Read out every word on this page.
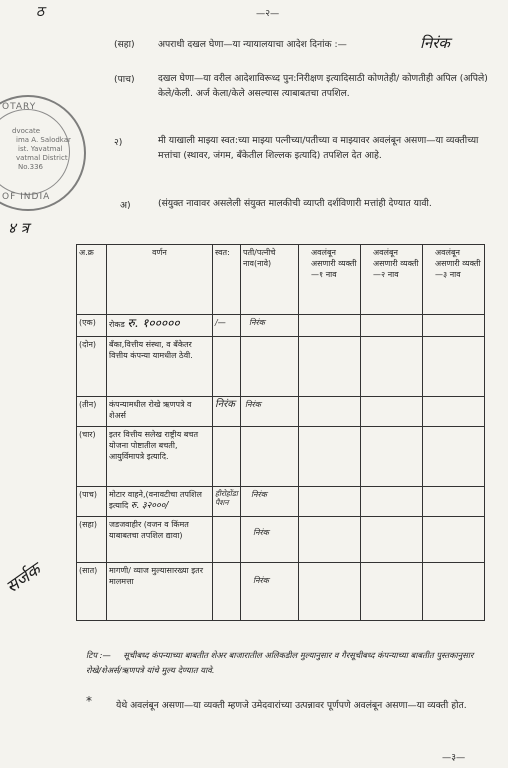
—२—
ठ
OTARY
dvocate
ima A. Salodkar
ist. Yavatmal
vatmal District
No.336
OF INDIA
४ त्र
(सहा)	अपराधी दखल घेणा—या न्यायालयाचा आदेश दिनांक :—	निरंक
(पाच)	दखल घेणा—या वरील आदेशाविरूध्द पुन:निरीक्षण इत्यादिसाठी कोणतेही/ कोणतीही अपिल (अपिले) केले/केली. अर्ज केला/केले असल्यास त्याबाबतचा तपशिल.
२)	मी याखाली माझ्या स्वत:च्या माझ्या पत्नीच्या/पतीच्या व माझ्यावर अवलंबून असणा—या व्यक्तीच्या मत्तांचा (स्थावर, जंगम, बँकेतील शिल्लक इत्यादि) तपशिल देत आहे.
अ)	(संयुक्त नावावर असलेली संयुक्त मालकीची व्याप्ती दर्शविणारी मत्तांही देण्यात यावी.
अ.क्र	वर्णन	स्वत:	पती/पत्नीचे नाव(नावे)	अवलंबून असणारी व्यक्ती—१ नाव	अवलंबून असणारी व्यक्ती—२ नाव	अवलंबून असणारी व्यक्ती—३ नाव
(एक)	रोकड रु. १०००००	/—	निरंक			
(दोन)	बँका,वित्तीय संस्था, व बँकेतर वित्तीय कंपन्या यामधील ठेवी.					
(तीन)	कंपन्यामधील रोखे ऋणपत्रे व शेअर्स	निरंक	निरंक			
(चार)	इतर वित्तीय सलेख राष्ट्रीय बचत योजना पोष्टातील बचती, आयुर्विमापत्रे इत्यादि.					
(पाच)	मोटार वाहने,(वनावटीचा तपशिल इत्यादि रु. ३२०००/	हीरोहोंडा पैशन	निरंक			
(सहा)	जडजवाहीर (वजन व किंमत याबाबतचा तपशिल द्यावा)		निरंक			
(सात)	मागणी/ व्याज मुल्यासारख्या इतर मालमत्ता		निरंक			
सर्जक
टिप :— सूचीबध्द कंपन्याच्या बाबतीत शेअर बाजारातील अलिकडील मुल्यानुसार व गैरसूचीबध्द कंपन्याच्या बाबतीत पुस्तकानुसार रोखे/शेअर्स/ऋणपत्रे यांचे मुल्य देण्यात यावे.
*	येथे अवलंबून असणा—या व्यक्ती म्हणजे उमेदवारांच्या उत्पन्नावर पूर्णपणे अवलंबून असणा—या व्यक्ती होत.
—३—
